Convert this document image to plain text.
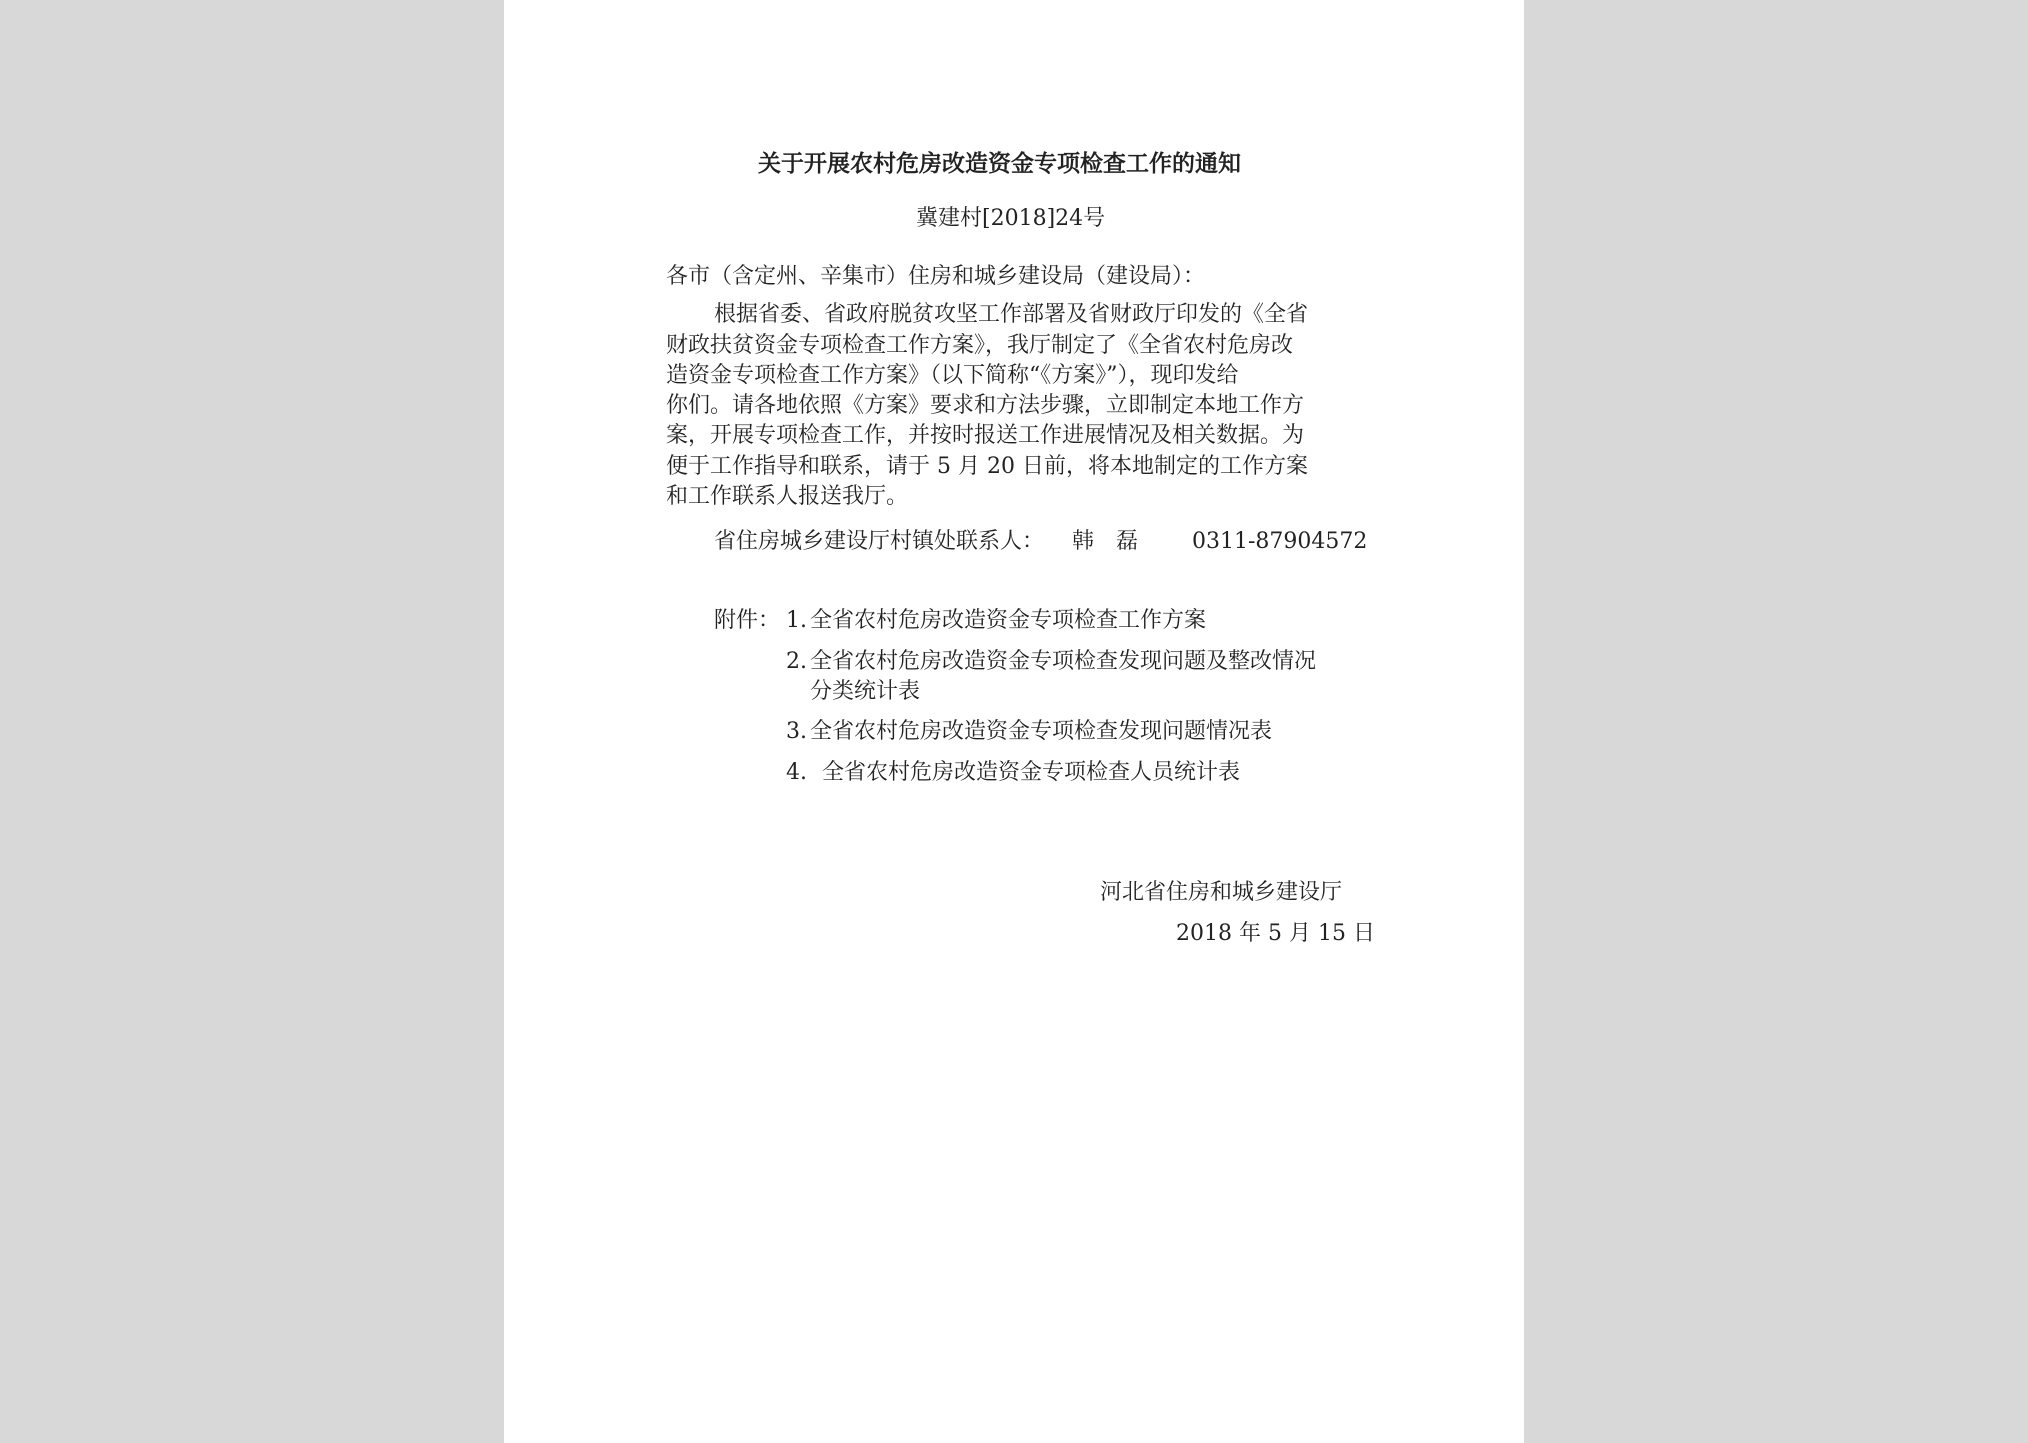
关于开展农村危房改造资金专项检查工作的通知
冀建村[2018]24号
各市（含定州、辛集市）住房和城乡建设局（建设局）：
根据省委、省政府脱贫攻坚工作部署及省财政厅印发的《全省
财政扶贫资金专项检查工作方案》，我厅制定了《全省农村危房改
造资金专项检查工作方案》（以下简称“《方案》”），现印发给
你们。请各地依照《方案》要求和方法步骤，立即制定本地工作方
案，开展专项检查工作，并按时报送工作进展情况及相关数据。为
便于工作指导和联系，请于 5 月 20 日前，将本地制定的工作方案
和工作联系人报送我厅。
省住房城乡建设厅村镇处联系人： 韩　磊 0311-87904572
附件： 1. 全省农村危房改造资金专项检查工作方案
2. 全省农村危房改造资金专项检查发现问题及整改情况
分类统计表
3. 全省农村危房改造资金专项检查发现问题情况表
4. 全省农村危房改造资金专项检查人员统计表
河北省住房和城乡建设厅
2018 年 5 月 15 日
